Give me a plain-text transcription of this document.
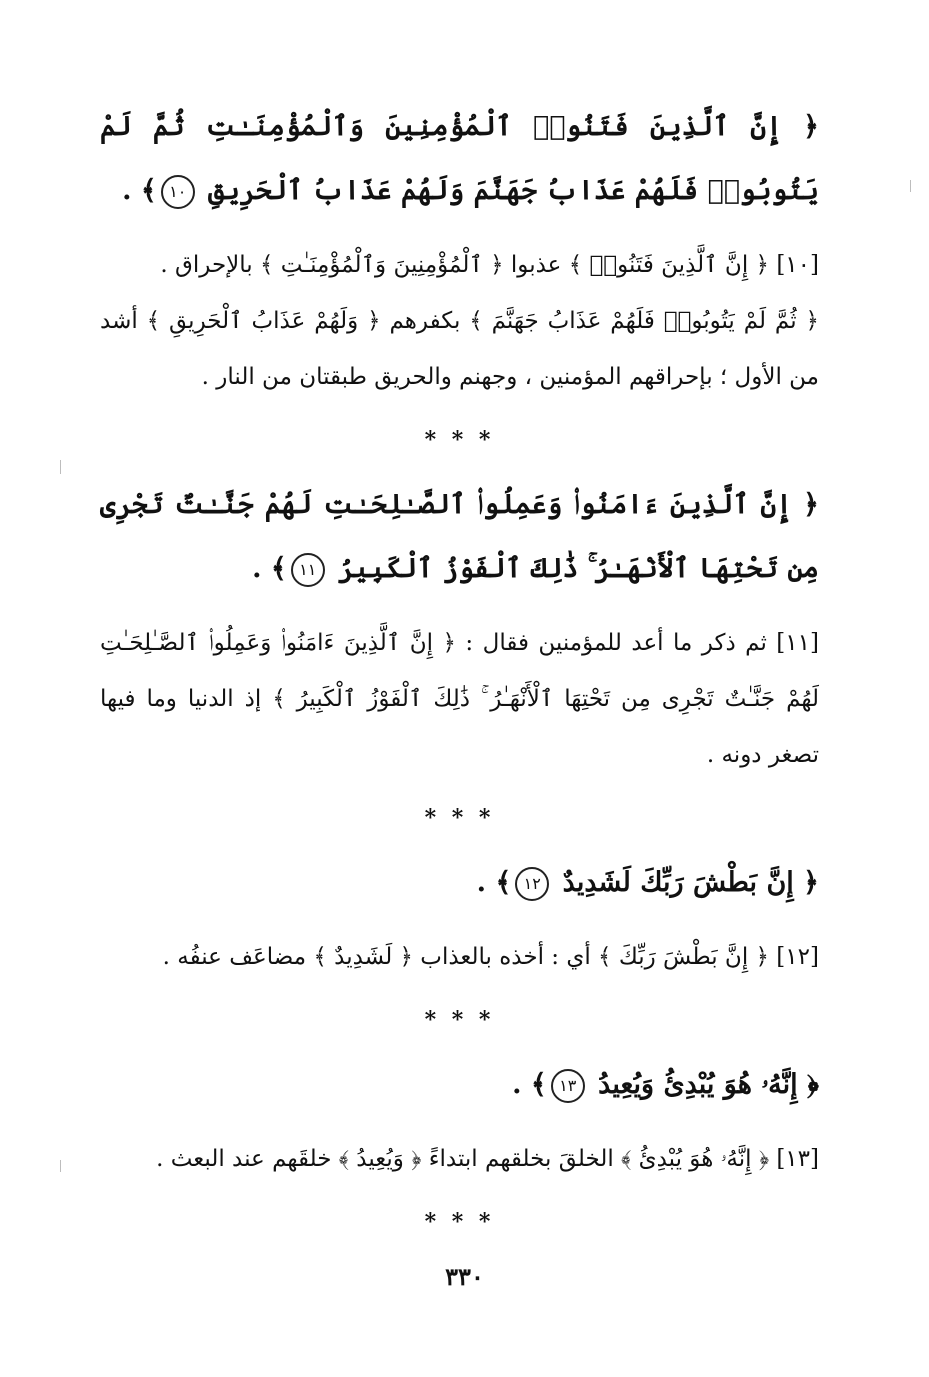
﴿ إِنَّ ٱلَّذِينَ فَتَنُوا۟ ٱلْمُؤْمِنِينَ وَٱلْمُؤْمِنَـٰتِ ثُمَّ لَمْ يَتُوبُوا۟ فَلَهُمْ عَذَابُ جَهَنَّمَ وَلَهُمْ عَذَابُ ٱلْحَرِيقِ ١٠﴾ .

[١٠] ﴿ إِنَّ ٱلَّذِينَ فَتَنُوا۟ ﴾ عذبوا ﴿ ٱلْمُؤْمِنِينَ وَٱلْمُؤْمِنَـٰتِ ﴾ بالإحراق .

﴿ ثُمَّ لَمْ يَتُوبُوا۟ فَلَهُمْ عَذَابُ جَهَنَّمَ ﴾ بكفرهم ﴿ وَلَهُمْ عَذَابُ ٱلْحَرِيقِ ﴾ أشد من الأول ؛ بإحراقهم المؤمنين ، وجهنم والحريق طبقتان من النار .

* * *

﴿ إِنَّ ٱلَّذِينَ ءَامَنُوا۟ وَعَمِلُوا۟ ٱلصَّـٰلِحَـٰتِ لَهُمْ جَنَّـٰتٌ تَجْرِى مِن تَحْتِهَا ٱلْأَنْهَـٰرُ ۚ ذَٰلِكَ ٱلْفَوْزُ ٱلْكَبِيرُ ١١﴾ .

[١١] ثم ذكر ما أعد للمؤمنين فقال : ﴿ إِنَّ ٱلَّذِينَ ءَامَنُوا۟ وَعَمِلُوا۟ ٱلصَّـٰلِحَـٰتِ لَهُمْ جَنَّـٰتٌ تَجْرِى مِن تَحْتِهَا ٱلْأَنْهَـٰرُ ۚ ذَٰلِكَ ٱلْفَوْزُ ٱلْكَبِيرُ ﴾ إذ الدنيا وما فيها تصغر دونه .

* * *

﴿ إِنَّ بَطْشَ رَبِّكَ لَشَدِيدٌ ١٢﴾ .

[١٢] ﴿ إِنَّ بَطْشَ رَبِّكَ ﴾ أي : أخذه بالعذاب ﴿ لَشَدِيدٌ ﴾ مضاعَف عنفُه .

* * *

﴿ إِنَّهُۥ هُوَ يُبْدِئُ وَيُعِيدُ ١٣﴾ .

[١٣] ﴿ إِنَّهُۥ هُوَ يُبْدِئُ ﴾ الخلقَ بخلقهم ابتداءً ﴿ وَيُعِيدُ ﴾ خلقَهم عند البعث .

* * *
٣٣٠
